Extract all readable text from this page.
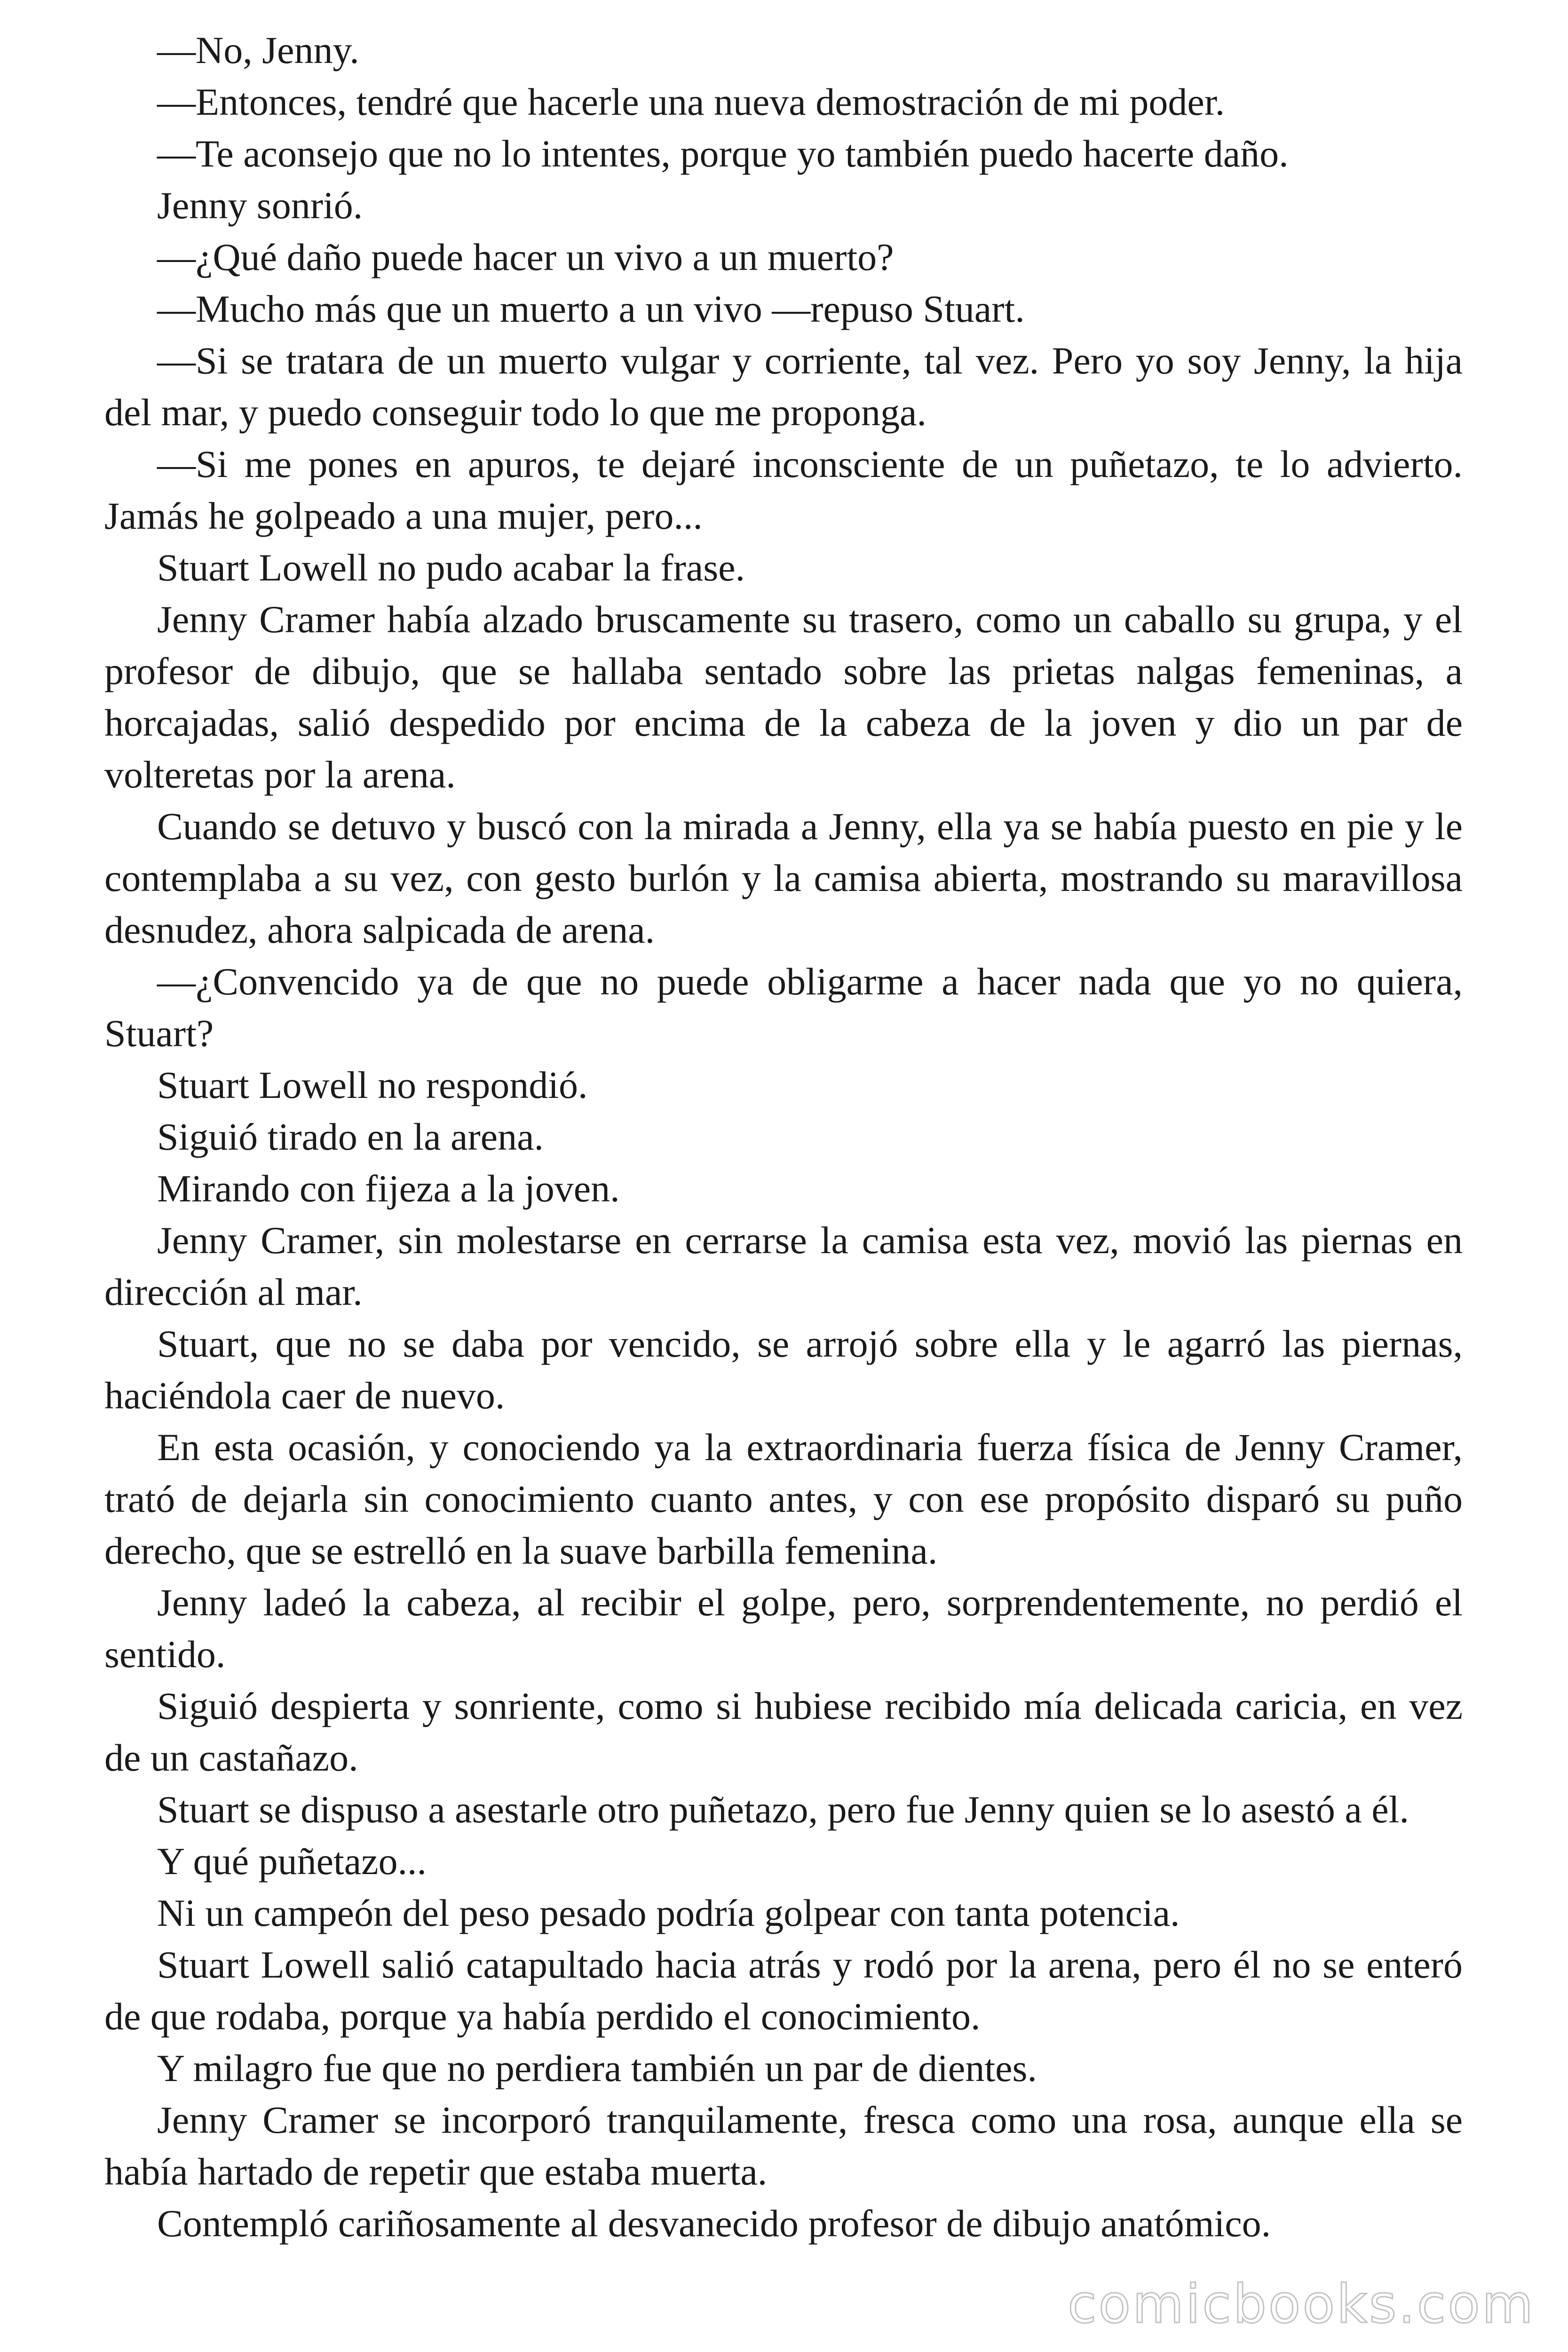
—No, Jenny.

—Entonces, tendré que hacerle una nueva demostración de mi poder.

—Te aconsejo que no lo intentes, porque yo también puedo hacerte daño.

Jenny sonrió.

—¿Qué daño puede hacer un vivo a un muerto?

—Mucho más que un muerto a un vivo —repuso Stuart.

—Si se tratara de un muerto vulgar y corriente, tal vez. Pero yo soy Jenny, la hija del mar, y puedo conseguir todo lo que me proponga.

—Si me pones en apuros, te dejaré inconsciente de un puñetazo, te lo advierto. Jamás he golpeado a una mujer, pero...

Stuart Lowell no pudo acabar la frase.

Jenny Cramer había alzado bruscamente su trasero, como un caballo su grupa, y el profesor de dibujo, que se hallaba sentado sobre las prietas nalgas femeninas, a horcajadas, salió despedido por encima de la cabeza de la joven y dio un par de volteretas por la arena.

Cuando se detuvo y buscó con la mirada a Jenny, ella ya se había puesto en pie y le contemplaba a su vez, con gesto burlón y la camisa abierta, mostrando su maravillosa desnudez, ahora salpicada de arena.

—¿Convencido ya de que no puede obligarme a hacer nada que yo no quiera, Stuart?

Stuart Lowell no respondió.

Siguió tirado en la arena.

Mirando con fijeza a la joven.

Jenny Cramer, sin molestarse en cerrarse la camisa esta vez, movió las piernas en dirección al mar.

Stuart, que no se daba por vencido, se arrojó sobre ella y le agarró las piernas, haciéndola caer de nuevo.

En esta ocasión, y conociendo ya la extraordinaria fuerza física de Jenny Cramer, trató de dejarla sin conocimiento cuanto antes, y con ese propósito disparó su puño derecho, que se estrelló en la suave barbilla femenina.

Jenny ladeó la cabeza, al recibir el golpe, pero, sorprendentemente, no perdió el sentido.

Siguió despierta y sonriente, como si hubiese recibido mía delicada caricia, en vez de un castañazo.

Stuart se dispuso a asestarle otro puñetazo, pero fue Jenny quien se lo asestó a él.

Y qué puñetazo...

Ni un campeón del peso pesado podría golpear con tanta potencia.

Stuart Lowell salió catapultado hacia atrás y rodó por la arena, pero él no se enteró de que rodaba, porque ya había perdido el conocimiento.

Y milagro fue que no perdiera también un par de dientes.

Jenny Cramer se incorporó tranquilamente, fresca como una rosa, aunque ella se había hartado de repetir que estaba muerta.

Contempló cariñosamente al desvanecido profesor de dibujo anatómico.

comicbooks.com
